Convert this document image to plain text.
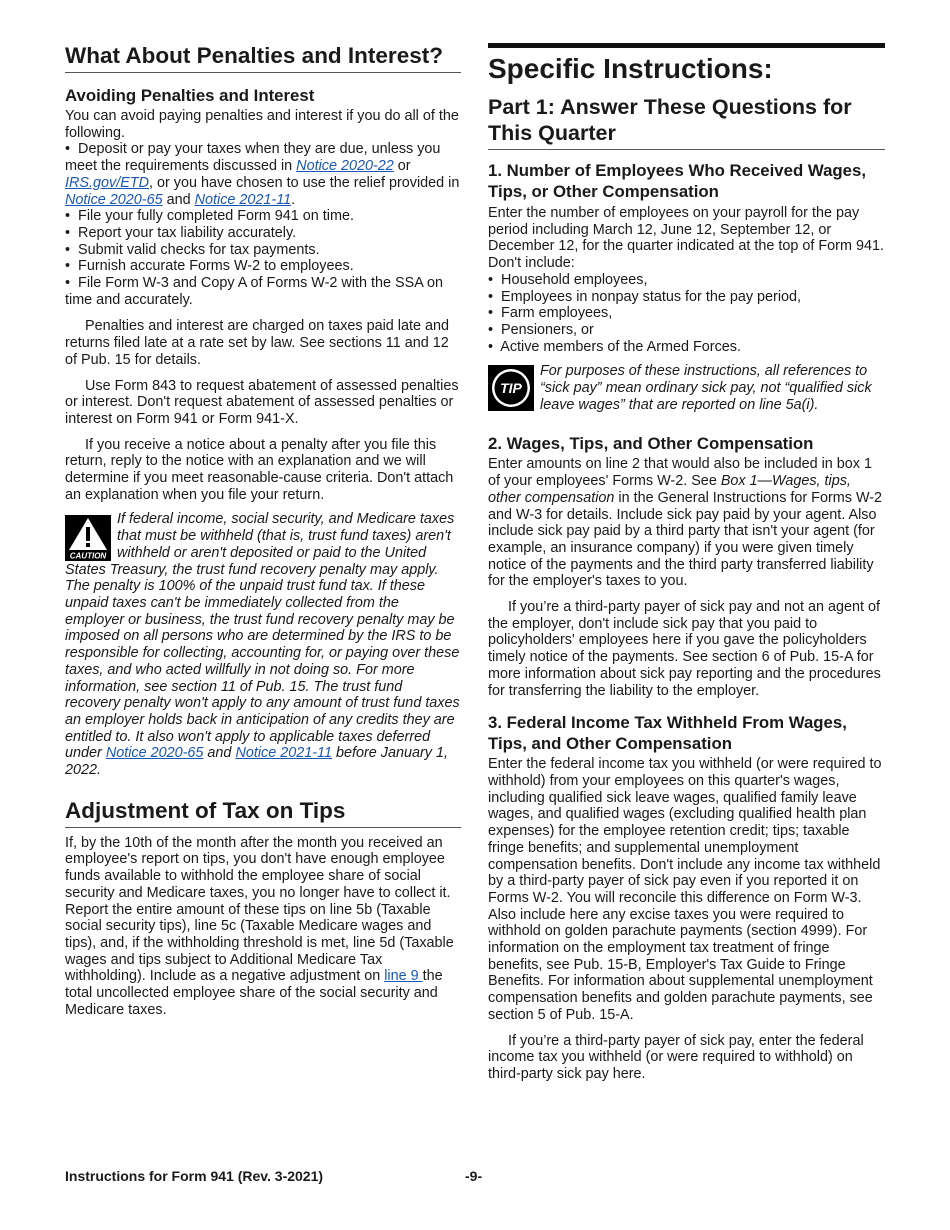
What About Penalties and Interest?
Avoiding Penalties and Interest

You can avoid paying penalties and interest if you do all of the following.

•  Deposit or pay your taxes when they are due, unless you meet the requirements discussed in Notice 2020-22 or IRS.gov/ETD, or you have chosen to use the relief provided in Notice 2020-65 and Notice 2021-11.
•  File your fully completed Form 941 on time.
•  Report your tax liability accurately.
•  Submit valid checks for tax payments.
•  Furnish accurate Forms W-2 to employees.
•  File Form W-3 and Copy A of Forms W-2 with the SSA on time and accurately.

Penalties and interest are charged on taxes paid late and returns filed late at a rate set by law. See sections 11 and 12 of Pub. 15 for details.

Use Form 843 to request abatement of assessed penalties or interest. Don't request abatement of assessed penalties or interest on Form 941 or Form 941-X.

If you receive a notice about a penalty after you file this return, reply to the notice with an explanation and we will determine if you meet reasonable-cause criteria. Don't attach an explanation when you file your return.

CAUTION
If federal income, social security, and Medicare taxes that must be withheld (that is, trust fund taxes) aren't withheld or aren't deposited or paid to the United States Treasury, the trust fund recovery penalty may apply. The penalty is 100% of the unpaid trust fund tax. If these unpaid taxes can't be immediately collected from the employer or business, the trust fund recovery penalty may be imposed on all persons who are determined by the IRS to be responsible for collecting, accounting for, or paying over these taxes, and who acted willfully in not doing so. For more information, see section 11 of Pub. 15. The trust fund recovery penalty won't apply to any amount of trust fund taxes an employer holds back in anticipation of any credits they are entitled to. It also won't apply to applicable taxes deferred under Notice 2020-65 and Notice 2021-11 before January 1, 2022.
Adjustment of Tax on Tips

If, by the 10th of the month after the month you received an employee's report on tips, you don't have enough employee funds available to withhold the employee share of social security and Medicare taxes, you no longer have to collect it. Report the entire amount of these tips on line 5b (Taxable social security tips), line 5c (Taxable Medicare wages and tips), and, if the withholding threshold is met, line 5d (Taxable wages and tips subject to Additional Medicare Tax withholding). Include as a negative adjustment on line 9 the total uncollected employee share of the social security and Medicare taxes.

Specific Instructions:
Part 1: Answer These Questions for This Quarter
1. Number of Employees Who Received Wages, Tips, or Other Compensation

Enter the number of employees on your payroll for the pay period including March 12, June 12, September 12, or December 12, for the quarter indicated at the top of Form 941. Don't include:

•  Household employees,
•  Employees in nonpay status for the pay period,
•  Farm employees,
•  Pensioners, or
•  Active members of the Armed Forces.
TIP
For purposes of these instructions, all references to “sick pay” mean ordinary sick pay, not “qualified sick leave wages” that are reported on line 5a(i).
2. Wages, Tips, and Other Compensation

Enter amounts on line 2 that would also be included in box 1 of your employees' Forms W-2. See Box 1—Wages, tips, other compensation in the General Instructions for Forms W-2 and W-3 for details. Include sick pay paid by your agent. Also include sick pay paid by a third party that isn't your agent (for example, an insurance company) if you were given timely notice of the payments and the third party transferred liability for the employer's taxes to you.

If you’re a third-party payer of sick pay and not an agent of the employer, don't include sick pay that you paid to policyholders' employees here if you gave the policyholders timely notice of the payments. See section 6 of Pub. 15-A for more information about sick pay reporting and the procedures for transferring the liability to the employer.

3. Federal Income Tax Withheld From Wages, Tips, and Other Compensation

Enter the federal income tax you withheld (or were required to withhold) from your employees on this quarter's wages, including qualified sick leave wages, qualified family leave wages, and qualified wages (excluding qualified health plan expenses) for the employee retention credit; tips; taxable fringe benefits; and supplemental unemployment compensation benefits. Don't include any income tax withheld by a third-party payer of sick pay even if you reported it on Forms W-2. You will reconcile this difference on Form W-3. Also include here any excise taxes you were required to withhold on golden parachute payments (section 4999). For information on the employment tax treatment of fringe benefits, see Pub. 15-B, Employer's Tax Guide to Fringe Benefits. For information about supplemental unemployment compensation benefits and golden parachute payments, see section 5 of Pub. 15-A.

If you’re a third-party payer of sick pay, enter the federal income tax you withheld (or were required to withhold) on third-party sick pay here.

Instructions for Form 941 (Rev. 3-2021)	-9-
